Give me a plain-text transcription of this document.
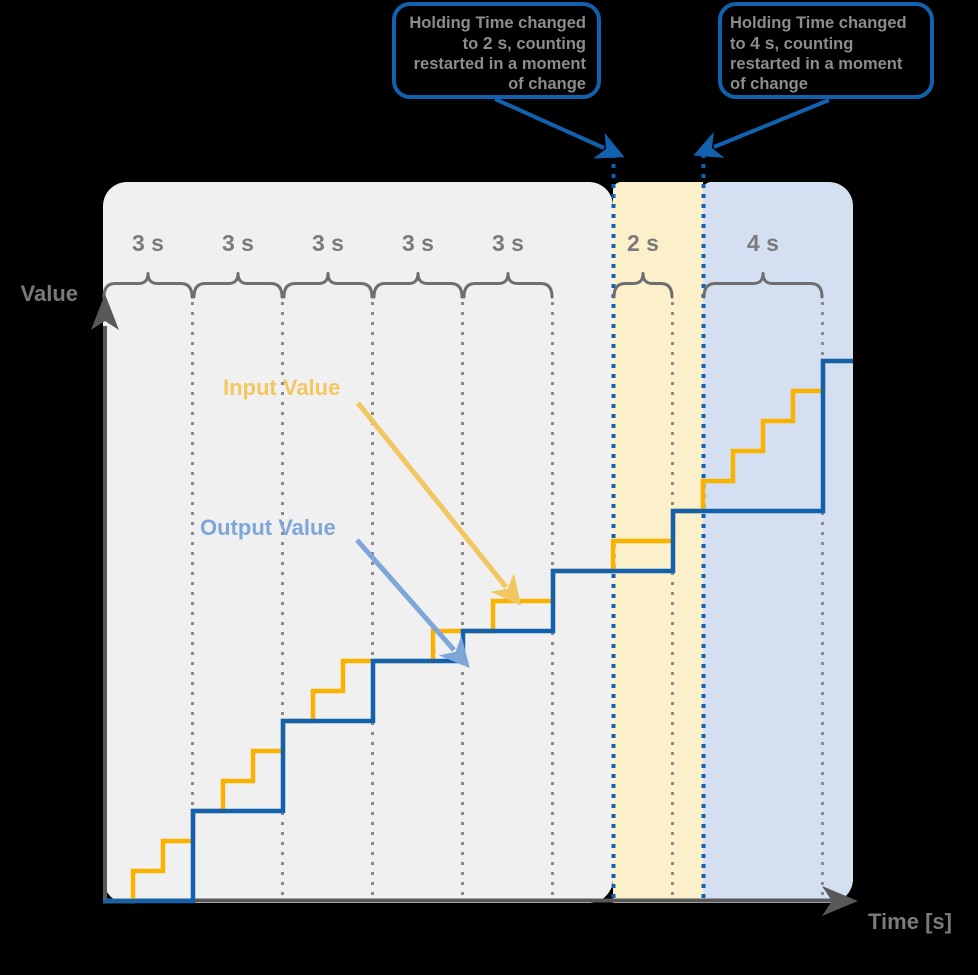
3 s	3 s	3 s	3 s	3 s	2 s	4 s
Value
Time [s]
Input Value
Output Value
Holding Time changed
to 2 s, counting
restarted in a moment
of change
Holding Time changed
to 4 s, counting
restarted in a moment
of change
